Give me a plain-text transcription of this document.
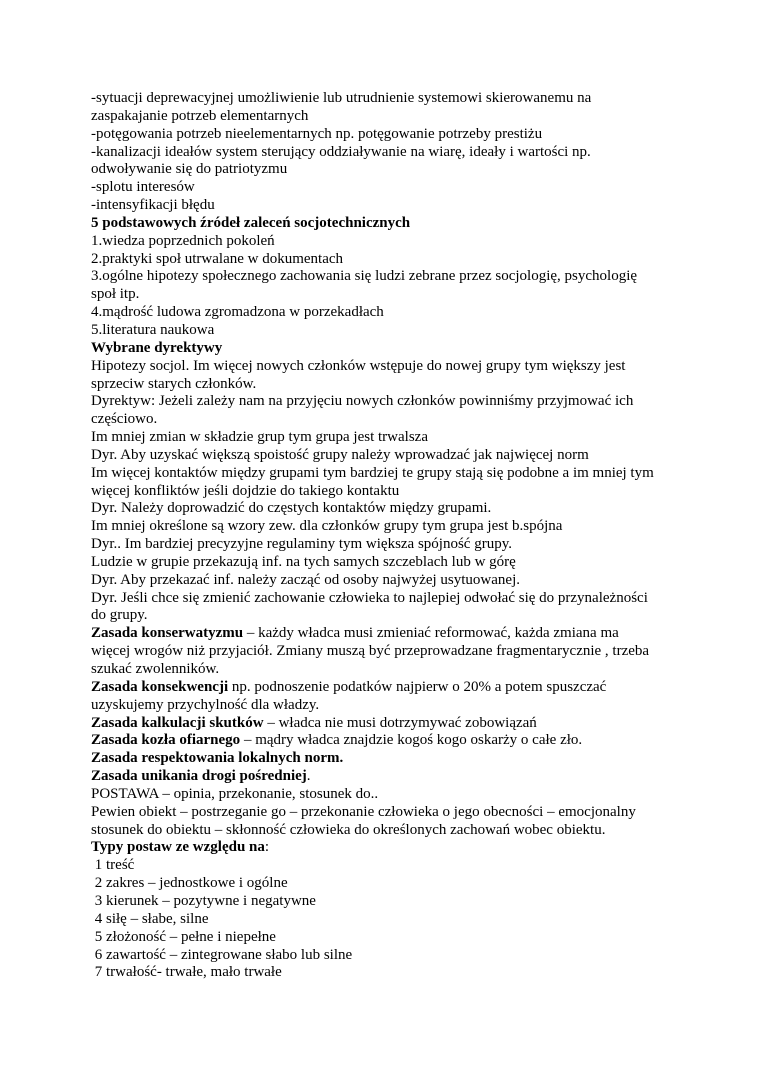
-sytuacji deprewacyjnej umożliwienie lub utrudnienie systemowi skierowanemu na
zaspakajanie potrzeb elementarnych
-potęgowania potrzeb nieelementarnych np. potęgowanie potrzeby prestiżu
-kanalizacji ideałów system sterujący oddziaływanie na wiarę, ideały i wartości np.
odwoływanie się do patriotyzmu
-splotu interesów
-intensyfikacji błędu
5 podstawowych źródeł zaleceń socjotechnicznych
1.wiedza poprzednich pokoleń
2.praktyki społ utrwalane w dokumentach
3.ogólne hipotezy społecznego zachowania się ludzi zebrane przez socjologię, psychologię
społ itp.
4.mądrość ludowa zgromadzona w porzekadłach
5.literatura naukowa
Wybrane dyrektywy
Hipotezy socjol. Im więcej nowych członków wstępuje do nowej grupy tym większy jest
sprzeciw starych członków.
Dyrektyw: Jeżeli zależy nam na przyjęciu nowych członków powinniśmy przyjmować ich
częściowo.
Im mniej zmian w składzie grup tym grupa jest trwalsza
Dyr. Aby uzyskać większą spoistość grupy należy wprowadzać jak najwięcej norm
Im więcej kontaktów między grupami tym bardziej te grupy stają się podobne a im mniej tym
więcej konfliktów jeśli dojdzie do takiego kontaktu
Dyr. Należy doprowadzić do częstych kontaktów między grupami.
Im mniej określone są wzory zew. dla członków grupy tym grupa jest b.spójna
Dyr.. Im bardziej precyzyjne regulaminy tym większa spójność grupy.
Ludzie w grupie przekazują inf. na tych samych szczeblach lub w górę
Dyr. Aby przekazać inf. należy zacząć od osoby najwyżej usytuowanej.
Dyr. Jeśli chce się zmienić zachowanie człowieka to najlepiej odwołać się do przynależności
do grupy.
Zasada konserwatyzmu – każdy władca musi zmieniać reformować, każda zmiana ma
więcej wrogów niż przyjaciół. Zmiany muszą być przeprowadzane fragmentarycznie , trzeba
szukać zwolenników.
Zasada konsekwencji np. podnoszenie podatków najpierw o 20% a potem spuszczać
uzyskujemy przychylność dla władzy.
Zasada kalkulacji skutków – władca nie musi dotrzymywać zobowiązań
Zasada kozła ofiarnego – mądry władca znajdzie kogoś kogo oskarży o całe zło.
Zasada respektowania lokalnych norm.
Zasada unikania drogi pośredniej.
POSTAWA – opinia, przekonanie, stosunek do..
Pewien obiekt – postrzeganie go – przekonanie człowieka o jego obecności – emocjonalny
stosunek do obiektu – skłonność człowieka do określonych zachowań wobec obiektu.
Typy postaw ze względu na:
1 treść
2 zakres – jednostkowe i ogólne
3 kierunek – pozytywne i negatywne
4 siłę – słabe, silne
5 złożoność – pełne i niepełne
6 zawartość – zintegrowane słabo lub silne
7 trwałość- trwałe, mało trwałe
